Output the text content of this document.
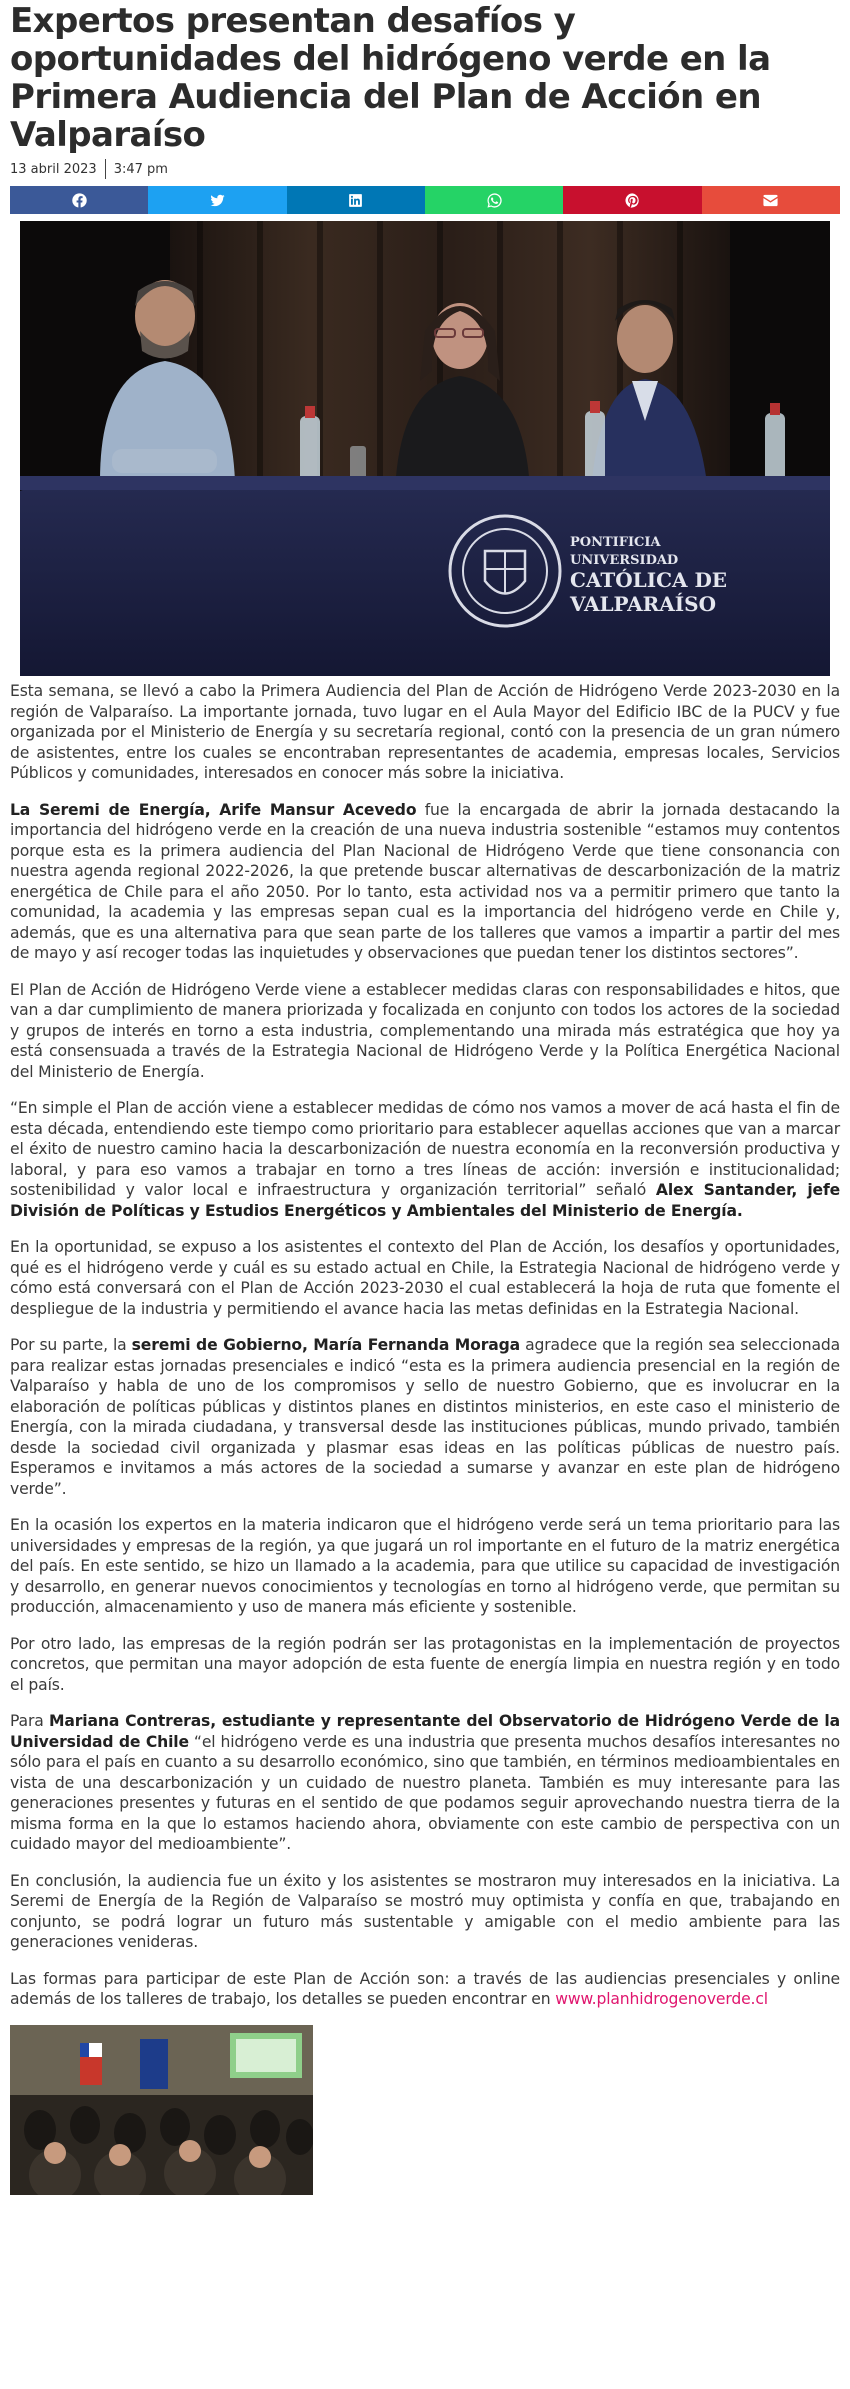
Expertos presentan desafíos y oportunidades del hidrógeno verde en la Primera Audiencia del Plan de Acción en Valparaíso
13 abril 2023 3:47 pm
PONTIFICIA
UNIVERSIDAD
CATÓLICA DE
VALPARAÍSO

Esta semana, se llevó a cabo la Primera Audiencia del Plan de Acción de Hidrógeno Verde 2023-2030 en la región de Valparaíso. La importante jornada, tuvo lugar en el Aula Mayor del Edificio IBC de la PUCV y fue organizada por el Ministerio de Energía y su secretaría regional, contó con la presencia de un gran número de asistentes, entre los cuales se encontraban representantes de academia, empresas locales, Servicios Públicos y comunidades, interesados en conocer más sobre la iniciativa.

La Seremi de Energía, Arife Mansur Acevedo fue la encargada de abrir la jornada destacando la importancia del hidrógeno verde en la creación de una nueva industria sostenible “estamos muy contentos porque esta es la primera audiencia del Plan Nacional de Hidrógeno Verde que tiene consonancia con nuestra agenda regional 2022-2026, la que pretende buscar alternativas de descarbonización de la matriz energética de Chile para el año 2050. Por lo tanto, esta actividad nos va a permitir primero que tanto la comunidad, la academia y las empresas sepan cual es la importancia del hidrógeno verde en Chile y, además, que es una alternativa para que sean parte de los talleres que vamos a impartir a partir del mes de mayo y así recoger todas las inquietudes y observaciones que puedan tener los distintos sectores”.

El Plan de Acción de Hidrógeno Verde viene a establecer medidas claras con responsabilidades e hitos, que van a dar cumplimiento de manera priorizada y focalizada en conjunto con todos los actores de la sociedad y grupos de interés en torno a esta industria, complementando una mirada más estratégica que hoy ya está consensuada a través de la Estrategia Nacional de Hidrógeno Verde y la Política Energética Nacional del Ministerio de Energía.

“En simple el Plan de acción viene a establecer medidas de cómo nos vamos a mover de acá hasta el fin de esta década, entendiendo este tiempo como prioritario para establecer aquellas acciones que van a marcar el éxito de nuestro camino hacia la descarbonización de nuestra economía en la reconversión productiva y laboral, y para eso vamos a trabajar en torno a tres líneas de acción: inversión e institucionalidad; sostenibilidad y valor local e infraestructura y organización territorial” señaló Alex Santander, jefe División de Políticas y Estudios Energéticos y Ambientales del Ministerio de Energía.

En la oportunidad, se expuso a los asistentes el contexto del Plan de Acción, los desafíos y oportunidades, qué es el hidrógeno verde y cuál es su estado actual en Chile, la Estrategia Nacional de hidrógeno verde y cómo está conversará con el Plan de Acción 2023-2030 el cual establecerá la hoja de ruta que fomente el despliegue de la industria y permitiendo el avance hacia las metas definidas en la Estrategia Nacional.

Por su parte, la seremi de Gobierno, María Fernanda Moraga agradece que la región sea seleccionada para realizar estas jornadas presenciales e indicó “esta es la primera audiencia presencial en la región de Valparaíso y habla de uno de los compromisos y sello de nuestro Gobierno, que es involucrar en la elaboración de políticas públicas y distintos planes en distintos ministerios, en este caso el ministerio de Energía, con la mirada ciudadana, y transversal desde las instituciones públicas, mundo privado, también desde la sociedad civil organizada y plasmar esas ideas en las políticas públicas de nuestro país. Esperamos e invitamos a más actores de la sociedad a sumarse y avanzar en este plan de hidrógeno verde”.

En la ocasión los expertos en la materia indicaron que el hidrógeno verde será un tema prioritario para las universidades y empresas de la región, ya que jugará un rol importante en el futuro de la matriz energética del país. En este sentido, se hizo un llamado a la academia, para que utilice su capacidad de investigación y desarrollo, en generar nuevos conocimientos y tecnologías en torno al hidrógeno verde, que permitan su producción, almacenamiento y uso de manera más eficiente y sostenible.

Por otro lado, las empresas de la región podrán ser las protagonistas en la implementación de proyectos concretos, que permitan una mayor adopción de esta fuente de energía limpia en nuestra región y en todo el país.

Para Mariana Contreras, estudiante y representante del Observatorio de Hidrógeno Verde de la Universidad de Chile “el hidrógeno verde es una industria que presenta muchos desafíos interesantes no sólo para el país en cuanto a su desarrollo económico, sino que también, en términos medioambientales en vista de una descarbonización y un cuidado de nuestro planeta. También es muy interesante para las generaciones presentes y futuras en el sentido de que podamos seguir aprovechando nuestra tierra de la misma forma en la que lo estamos haciendo ahora, obviamente con este cambio de perspectiva con un cuidado mayor del medioambiente”.

En conclusión, la audiencia fue un éxito y los asistentes se mostraron muy interesados en la iniciativa. La Seremi de Energía de la Región de Valparaíso se mostró muy optimista y confía en que, trabajando en conjunto, se podrá lograr un futuro más sustentable y amigable con el medio ambiente para las generaciones venideras.

Las formas para participar de este Plan de Acción son: a través de las audiencias presenciales y online además de los talleres de trabajo, los detalles se pueden encontrar en www.planhidrogenoverde.cl
